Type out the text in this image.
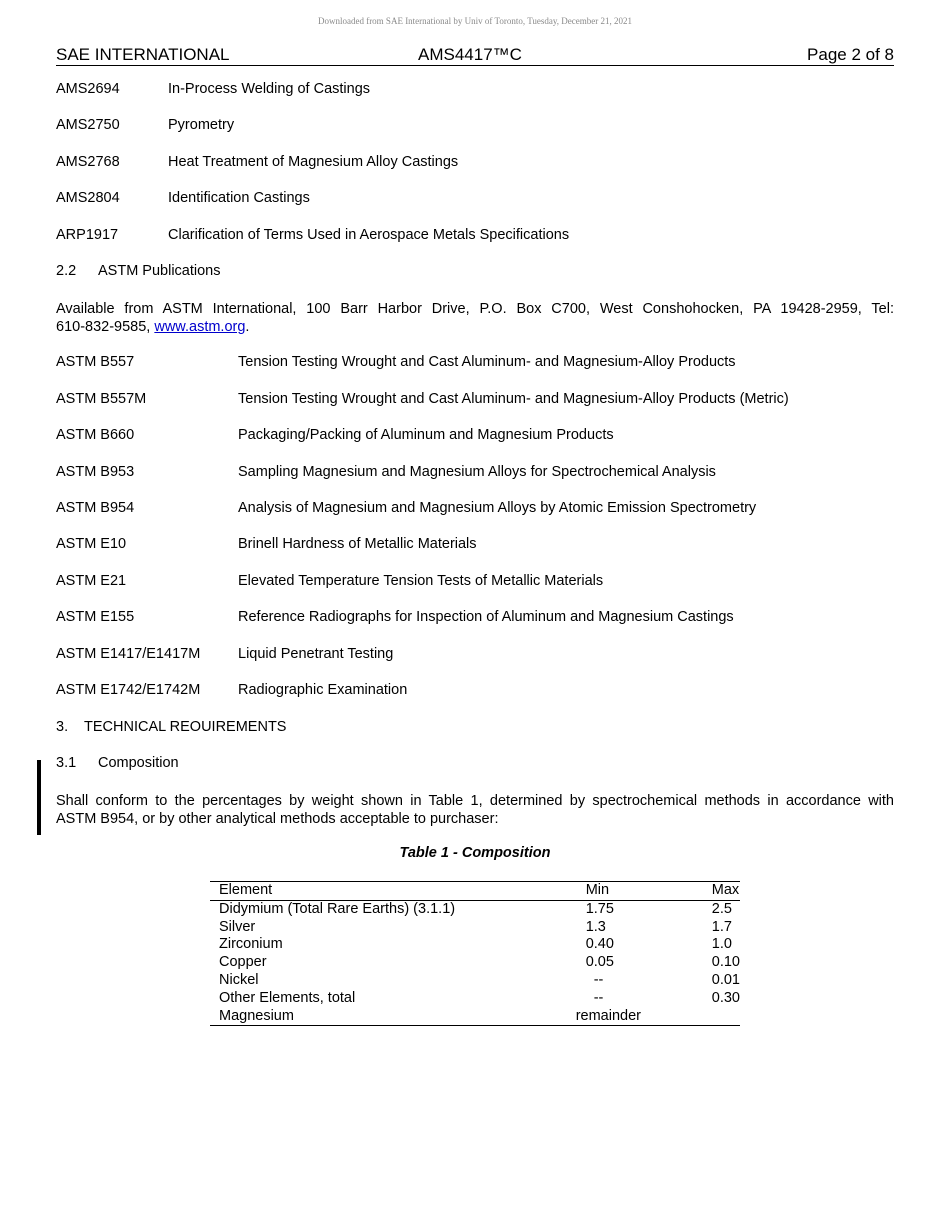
Downloaded from SAE International by Univ of Toronto, Tuesday, December 21, 2021
SAE INTERNATIONAL	AMS4417™C	Page 2 of 8
AMS2694	In-Process Welding of Castings
AMS2750	Pyrometry
AMS2768	Heat Treatment of Magnesium Alloy Castings
AMS2804	Identification Castings
ARP1917	Clarification of Terms Used in Aerospace Metals Specifications
2.2 ASTM Publications
Available from ASTM International, 100 Barr Harbor Drive, P.O. Box C700, West Conshohocken, PA 19428-2959, Tel:
610-832-9585, www.astm.org.
ASTM B557	Tension Testing Wrought and Cast Aluminum- and Magnesium-Alloy Products
ASTM B557M	Tension Testing Wrought and Cast Aluminum- and Magnesium-Alloy Products (Metric)
ASTM B660	Packaging/Packing of Aluminum and Magnesium Products
ASTM B953	Sampling Magnesium and Magnesium Alloys for Spectrochemical Analysis
ASTM B954	Analysis of Magnesium and Magnesium Alloys by Atomic Emission Spectrometry
ASTM E10	Brinell Hardness of Metallic Materials
ASTM E21	Elevated Temperature Tension Tests of Metallic Materials
ASTM E155	Reference Radiographs for Inspection of Aluminum and Magnesium Castings
ASTM E1417/E1417M	Liquid Penetrant Testing
ASTM E1742/E1742M	Radiographic Examination
3. TECHNICAL REOUIREMENTS
3.1 Composition
Shall conform to the percentages by weight shown in Table 1, determined by spectrochemical methods in accordance with
ASTM B954, or by other analytical methods acceptable to purchaser:
Table 1 - Composition
Element	Min	Max
Didymium (Total Rare Earths) (3.1.1)	1.75	2.5
Silver	1.3	1.7
Zirconium	0.40	1.0
Copper	0.05	0.10
Nickel	--	0.01
Other Elements, total	--	0.30
Magnesium	remainder	
